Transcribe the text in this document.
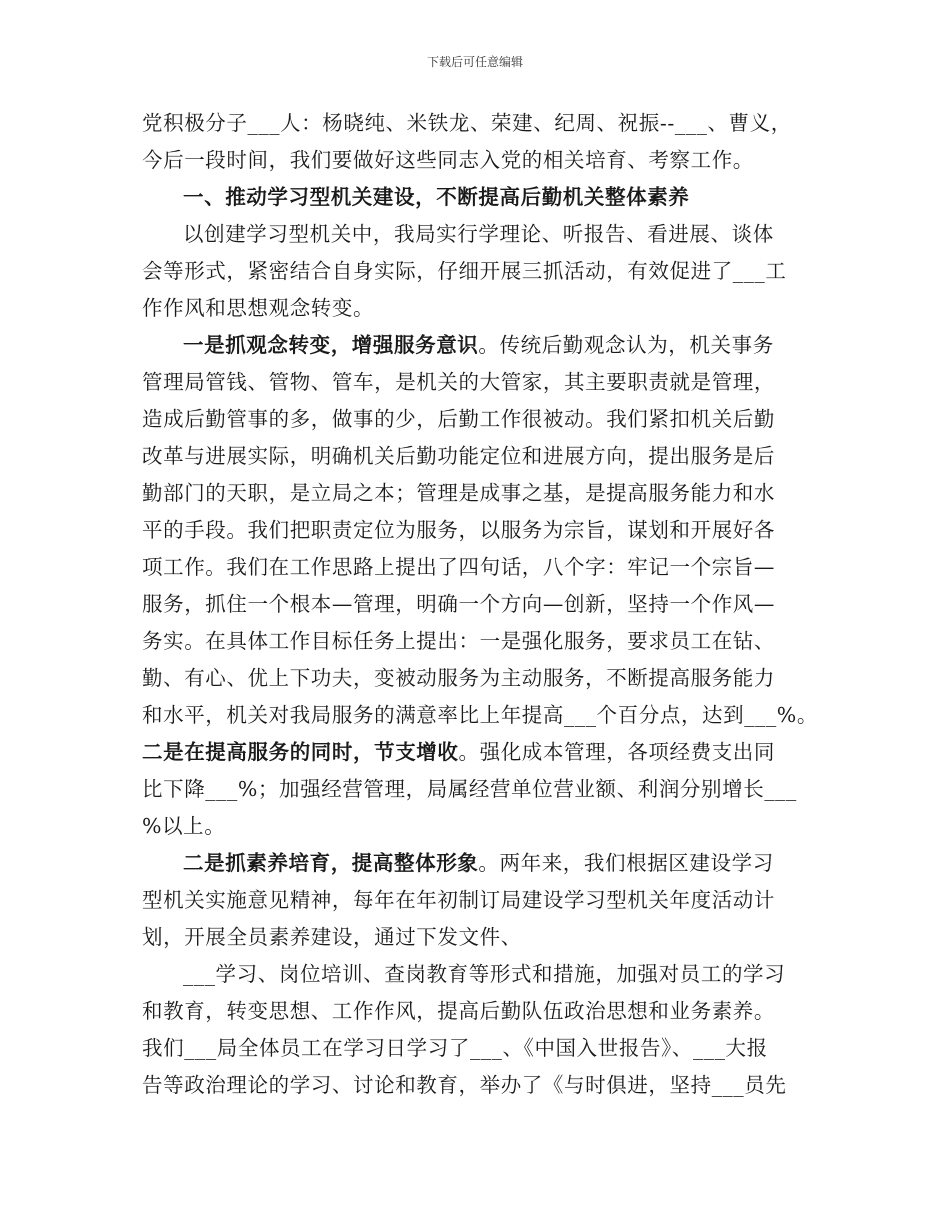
下载后可任意编辑

党积极分子___人：杨晓纯、米铁龙、荣建、纪周、祝振--___、曹义，
今后一段时间，我们要做好这些同志入党的相关培育、考察工作。

一、推动学习型机关建设，不断提高后勤机关整体素养

以创建学习型机关中，我局实行学理论、听报告、看进展、谈体
会等形式，紧密结合自身实际，仔细开展三抓活动，有效促进了___工
作作风和思想观念转变。

一是抓观念转变，增强服务意识。传统后勤观念认为，机关事务
管理局管钱、管物、管车，是机关的大管家，其主要职责就是管理，
造成后勤管事的多，做事的少，后勤工作很被动。我们紧扣机关后勤
改革与进展实际，明确机关后勤功能定位和进展方向，提出服务是后
勤部门的天职，是立局之本；管理是成事之基，是提高服务能力和水
平的手段。我们把职责定位为服务，以服务为宗旨，谋划和开展好各
项工作。我们在工作思路上提出了四句话，八个字：牢记一个宗旨—
服务，抓住一个根本—管理，明确一个方向—创新，坚持一个作风—
务实。在具体工作目标任务上提出：一是强化服务，要求员工在钻、
勤、有心、优上下功夫，变被动服务为主动服务，不断提高服务能力
和水平，机关对我局服务的满意率比上年提高___个百分点，达到___%。

二是在提高服务的同时，节支增收。强化成本管理，各项经费支出同
比下降___%；加强经营管理，局属经营单位营业额、利润分别增长___
%以上。

二是抓素养培育，提高整体形象。两年来，我们根据区建设学习
型机关实施意见精神，每年在年初制订局建设学习型机关年度活动计
划，开展全员素养建设，通过下发文件、

___学习、岗位培训、查岗教育等形式和措施，加强对员工的学习
和教育，转变思想、工作作风，提高后勤队伍政治思想和业务素养。
我们___局全体员工在学习日学习了___、《中国入世报告》、___大报
告等政治理论的学习、讨论和教育，举办了《与时俱进，坚持___员先
